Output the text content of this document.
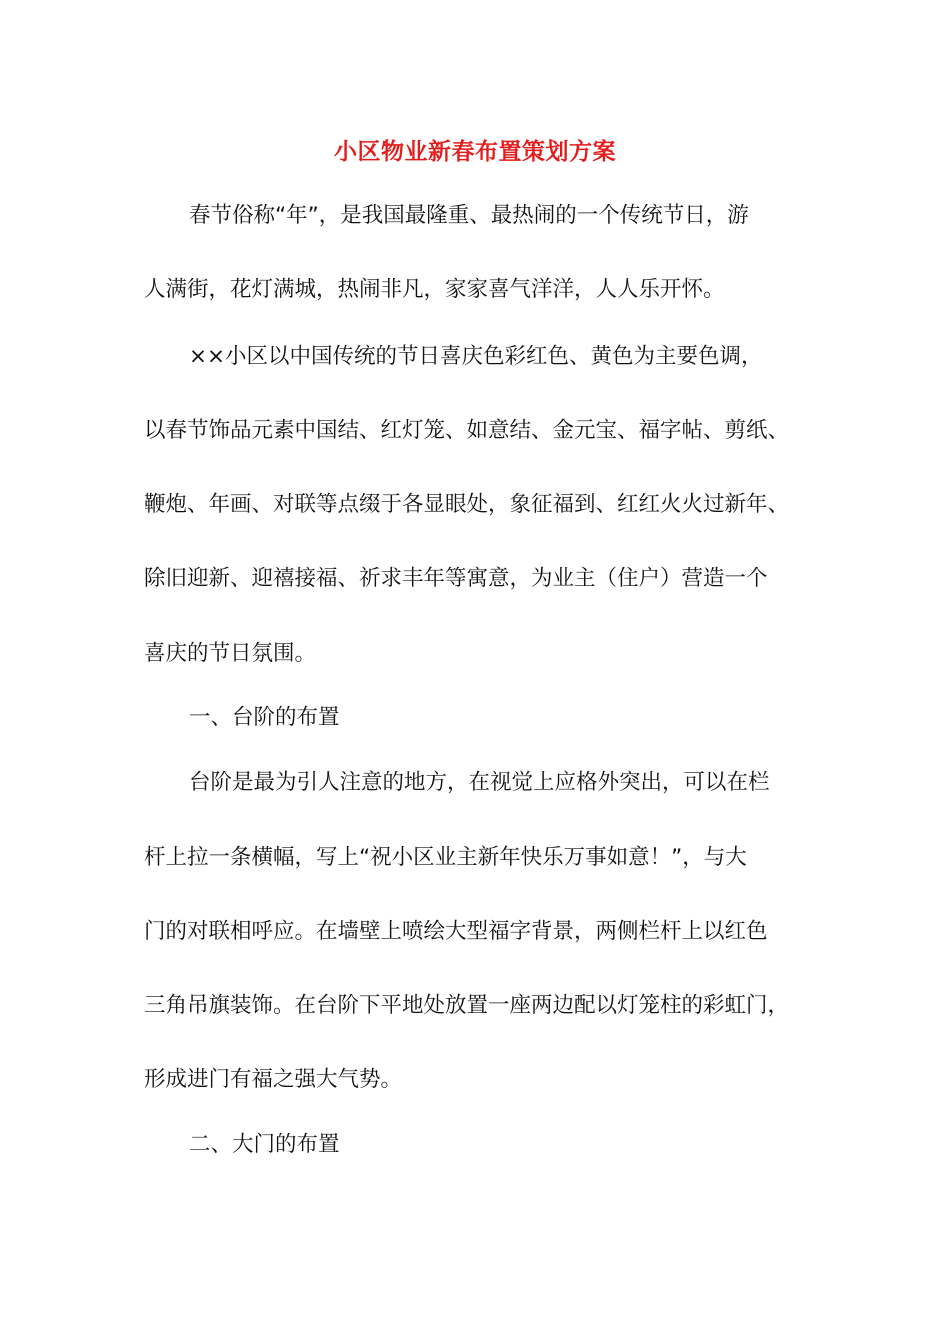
小区物业新春布置策划方案
春节俗称“年”，是我国最隆重、最热闹的一个传统节日，游
人满街，花灯满城，热闹非凡，家家喜气洋洋，人人乐开怀。
××小区以中国传统的节日喜庆色彩红色、黄色为主要色调，
以春节饰品元素中国结、红灯笼、如意结、金元宝、福字帖、剪纸、
鞭炮、年画、对联等点缀于各显眼处，象征福到、红红火火过新年、
除旧迎新、迎禧接福、祈求丰年等寓意，为业主（住户）营造一个
喜庆的节日氛围。
一、台阶的布置
台阶是最为引人注意的地方，在视觉上应格外突出，可以在栏
杆上拉一条横幅，写上“祝小区业主新年快乐万事如意！”，与大
门的对联相呼应。在墙壁上喷绘大型福字背景，两侧栏杆上以红色
三角吊旗装饰。在台阶下平地处放置一座两边配以灯笼柱的彩虹门，
形成进门有福之强大气势。
二、大门的布置
